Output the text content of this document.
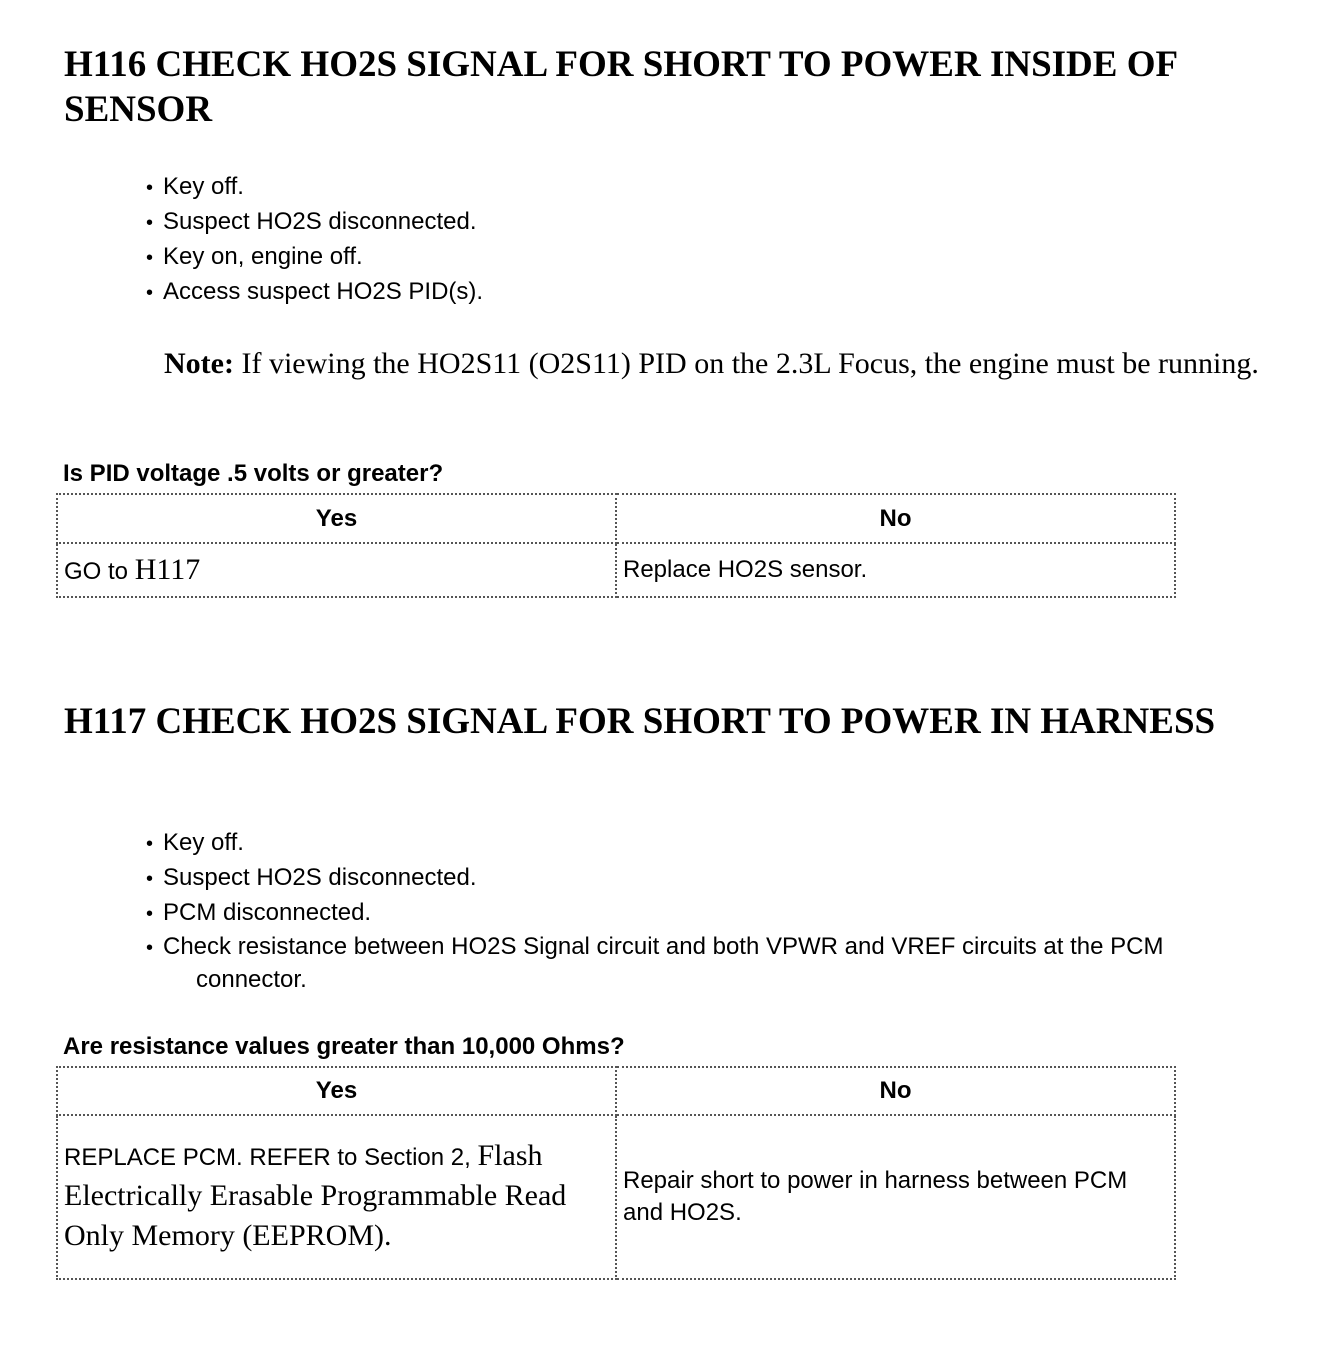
H116 CHECK HO2S SIGNAL FOR SHORT TO POWER INSIDE OF SENSOR
• Key off.
• Suspect HO2S disconnected.
• Key on, engine off.
• Access suspect HO2S PID(s).
Note: If viewing the HO2S11 (O2S11) PID on the 2.3L Focus, the engine must be running.
Is PID voltage .5 volts or greater?
Yes	No
GO to H117	Replace HO2S sensor.
H117 CHECK HO2S SIGNAL FOR SHORT TO POWER IN HARNESS
• Key off.
• Suspect HO2S disconnected.
• PCM disconnected.
• Check resistance between HO2S Signal circuit and both VPWR and VREF circuits at the PCM connector.
Are resistance values greater than 10,000 Ohms?
Yes	No
REPLACE PCM. REFER to Section 2, Flash Electrically Erasable Programmable Read Only Memory (EEPROM).	Repair short to power in harness between PCM and HO2S.
